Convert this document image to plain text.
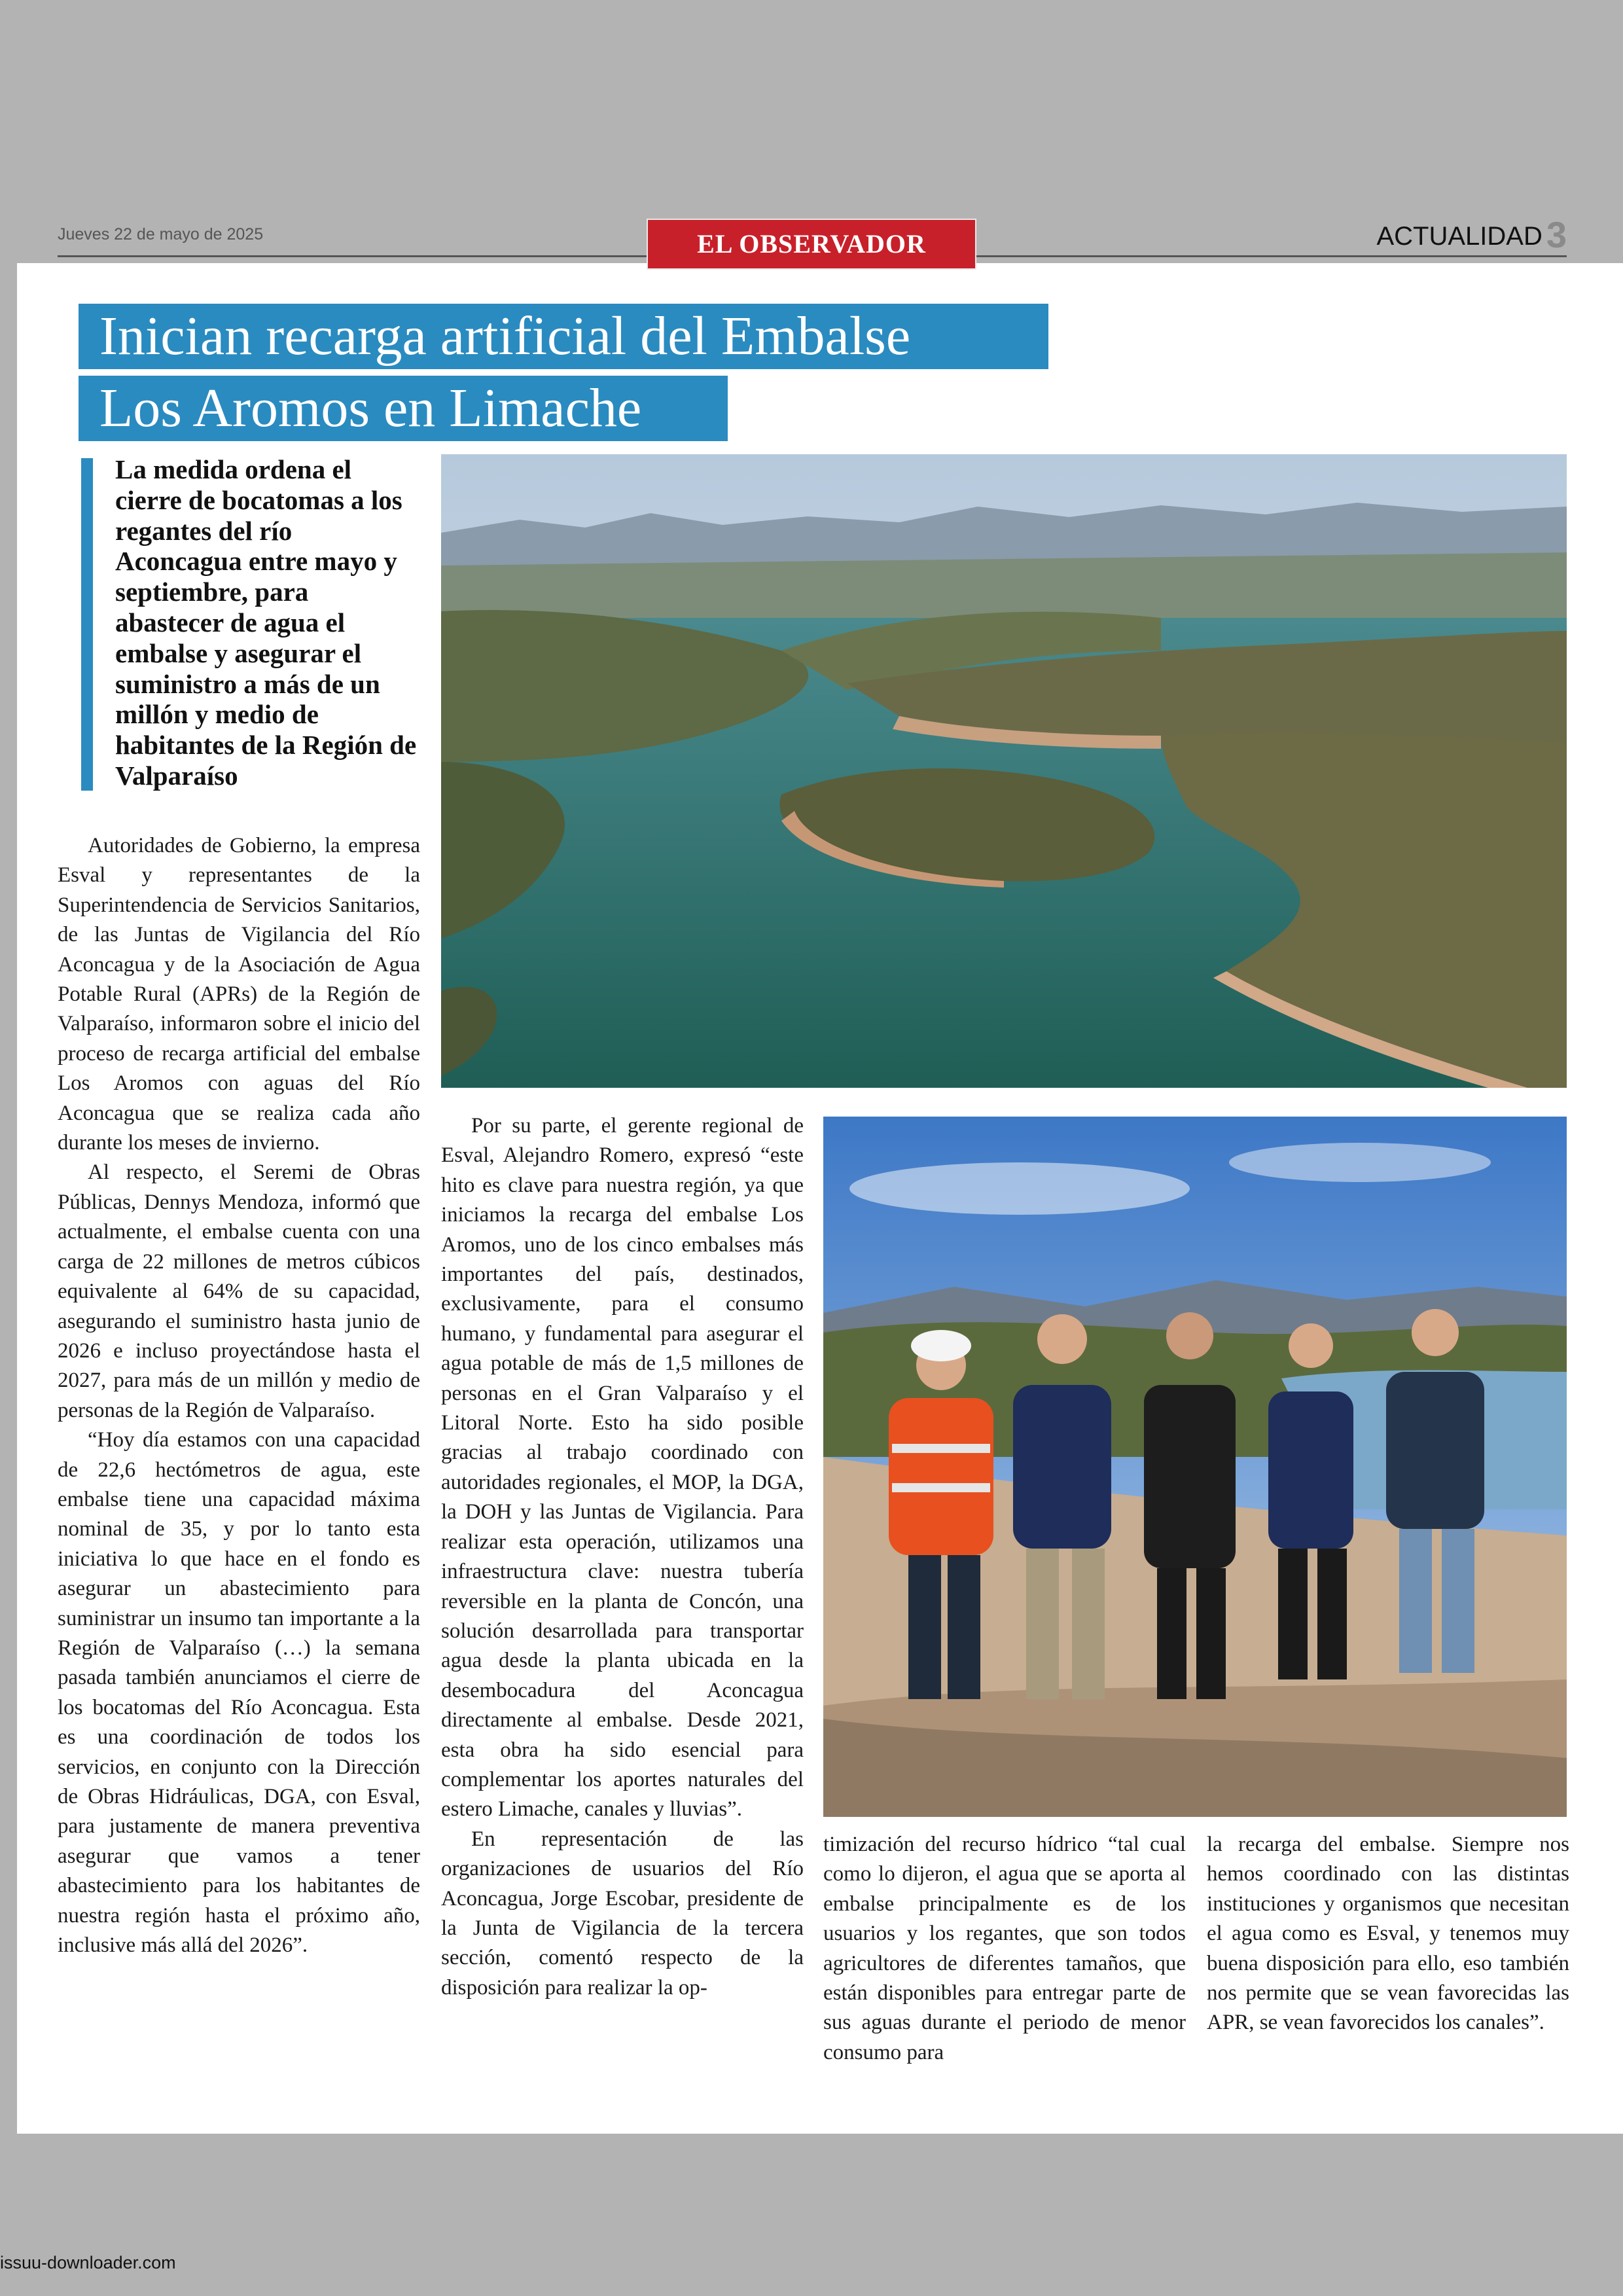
Jueves 22 de mayo de 2025	EL OBSERVADOR	ACTUALIDAD 3
Inician recarga artificial del Embalse
Los Aromos en Limache
La medida ordena el cierre de bocatomas a los regantes del río Aconcagua entre mayo y septiembre, para abastecer de agua el embalse y asegurar el suministro a más de un millón y medio de habitantes de la Región de Valparaíso

Autoridades de Gobierno, la empresa Esval y representantes de la Superintendencia de Servicios Sanitarios, de las Juntas de Vigilancia del Río Aconcagua y de la Asociación de Agua Potable Rural (APRs) de la Región de Valparaíso, informaron sobre el inicio del proceso de recarga artificial del embalse Los Aromos con aguas del Río Aconcagua que se realiza cada año durante los meses de invierno.

Al respecto, el Seremi de Obras Públicas, Dennys Mendoza, informó que actualmente, el embalse cuenta con una carga de 22 millones de metros cúbicos equivalente al 64% de su capacidad, asegurando el suministro hasta junio de 2026 e incluso proyectándose hasta el 2027, para más de un millón y medio de personas de la Región de Valparaíso.

“Hoy día estamos con una capacidad de 22,6 hectómetros de agua, este embalse tiene una capacidad máxima nominal de 35, y por lo tanto esta iniciativa lo que hace en el fondo es asegurar un abastecimiento para suministrar un insumo tan importante a la Región de Valparaíso (…) la semana pasada también anunciamos el cierre de los bocatomas del Río Aconcagua. Esta es una coordinación de todos los servicios, en conjunto con la Dirección de Obras Hidráulicas, DGA, con Esval, para justamente de manera preventiva asegurar que vamos a tener abastecimiento para los habitantes de nuestra región hasta el próximo año, inclusive más allá del 2026”.

Por su parte, el gerente regional de Esval, Alejandro Romero, expresó “este hito es clave para nuestra región, ya que iniciamos la recarga del embalse Los Aromos, uno de los cinco embalses más importantes del país, destinados, exclusivamente, para el consumo humano, y fundamental para asegurar el agua potable de más de 1,5 millones de personas en el Gran Valparaíso y el Litoral Norte. Esto ha sido posible gracias al trabajo coordinado con autoridades regionales, el MOP, la DGA, la DOH y las Juntas de Vigilancia. Para realizar esta operación, utilizamos una infraestructura clave: nuestra tubería reversible en la planta de Concón, una solución desarrollada para transportar agua desde la planta ubicada en la desembocadura del Aconcagua directamente al embalse. Desde 2021, esta obra ha sido esencial para complementar los aportes naturales del estero Limache, canales y lluvias”.

En representación de las organizaciones de usuarios del Río Aconcagua, Jorge Escobar, presidente de la Junta de Vigilancia de la tercera sección, comentó respecto de la disposición para realizar la op-

timización del recurso hídrico “tal cual como lo dijeron, el agua que se aporta al embalse principalmente es de los usuarios y los regantes, que son todos agricultores de diferentes tamaños, que están disponibles para entregar parte de sus aguas durante el periodo de menor consumo para

la recarga del embalse. Siempre nos hemos coordinado con las distintas instituciones y organismos que necesitan el agua como es Esval, y tenemos muy buena disposición para ello, eso también nos permite que se vean favorecidas las APR, se vean favorecidos los canales”.

issuu-downloader.com
